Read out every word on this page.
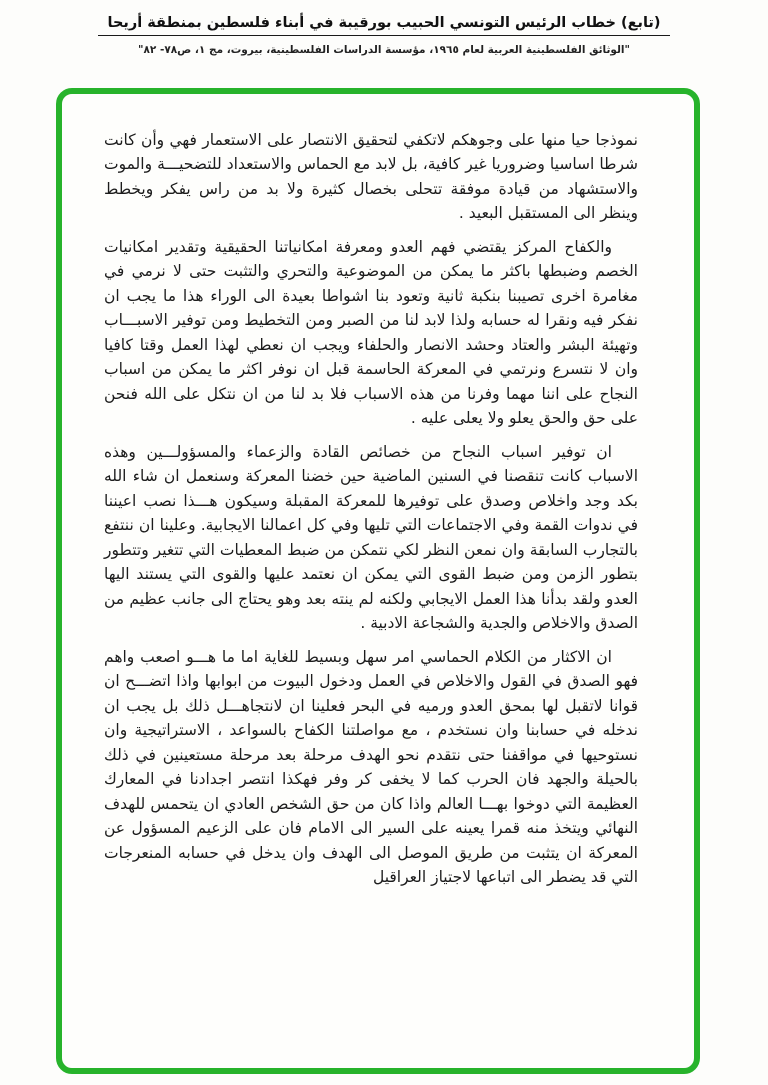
(تابع) خطاب الرئيس التونسي الحبيب بورقيبة في أبناء فلسطين بمنطقة أريحا
"الوثائق الفلسطينية العربية لعام ١٩٦٥، مؤسسة الدراسات الفلسطينية، بيروت، مج ١، ص٧٨- ٨٢"

نموذجا حيا منها على وجوهكم لاتكفي لتحقيق الانتصار على الاستعمار فهي وأن كانت شرطا اساسيا وضروريا غير كافية، بل لابد مع الحماس والاستعداد للتضحيـــة والموت والاستشهاد من قيادة موفقة تتحلى بخصال كثيرة ولا بد من راس يفكر ويخطط وينظر الى المستقبل البعيد .

والكفاح المركز يقتضي فهم العدو ومعرفة امكانياتنا الحقيقية وتقدير امكانيات الخصم وضبطها باكثر ما يمكن من الموضوعية والتحري والتثبت حتى لا نرمي في مغامرة اخرى تصيبنا بنكبة ثانية وتعود بنا اشواطا بعيدة الى الوراء هذا ما يجب ان نفكر فيه ونقرا له حسابه ولذا لابد لنا من الصبر ومن التخطيط ومن توفير الاسبـــاب وتهيئة البشر والعتاد وحشد الانصار والحلفاء ويجب ان نعطي لهذا العمل وقتا كافيا وان لا نتسرع ونرتمي في المعركة الحاسمة قبل ان نوفر اكثر ما يمكن من اسباب النجاح على اننا مهما وفرنا من هذه الاسباب فلا بد لنا من ان نتكل على الله فنحن على حق والحق يعلو ولا يعلى عليه .

ان توفير اسباب النجاح من خصائص القادة والزعماء والمسؤولـــين وهذه الاسباب كانت تنقصنا في السنين الماضية حين خضنا المعركة وسنعمل ان شاء الله بكد وجد واخلاص وصدق على توفيرها للمعركة المقبلة وسيكون هـــذا نصب اعيننا في ندوات القمة وفي الاجتماعات التي تليها وفي كل اعمالنا الايجابية. وعلينا ان ننتفع بالتجارب السابقة وان نمعن النظر لكي نتمكن من ضبط المعطيات التي تتغير وتتطور بتطور الزمن ومن ضبط القوى التي يمكن ان نعتمد عليها والقوى التي يستند اليها العدو ولقد بدأنا هذا العمل الايجابي ولكنه لم ينته بعد وهو يحتاج الى جانب عظيم من الصدق والاخلاص والجدية والشجاعة الادبية .

ان الاكثار من الكلام الحماسي امر سهل وبسيط للغاية اما ما هـــو اصعب واهم فهو الصدق في القول والاخلاص في العمل ودخول البيوت من ابوابها واذا اتضـــح ان قوانا لاتقبل لها بمحق العدو ورميه في البحر فعلينا ان لانتجاهـــل ذلك بل يجب ان ندخله في حسابنا وان نستخدم ، مع مواصلتنا الكفاح بالسواعد ، الاستراتيجية وان نستوحيها في مواقفنا حتى نتقدم نحو الهدف مرحلة بعد مرحلة مستعينين في ذلك بالحيلة والجهد فان الحرب كما لا يخفى كر وفر فهكذا انتصر اجدادنا في المعارك العظيمة التي دوخوا بهـــا العالم واذا كان من حق الشخص العادي ان يتحمس للهدف النهائي ويتخذ منه قمرا يعينه على السير الى الامام فان على الزعيم المسؤول عن المعركة ان يتثبت من طريق الموصل الى الهدف وان يدخل في حسابه المنعرجات التي قد يضطر الى اتباعها لاجتياز العراقيل
